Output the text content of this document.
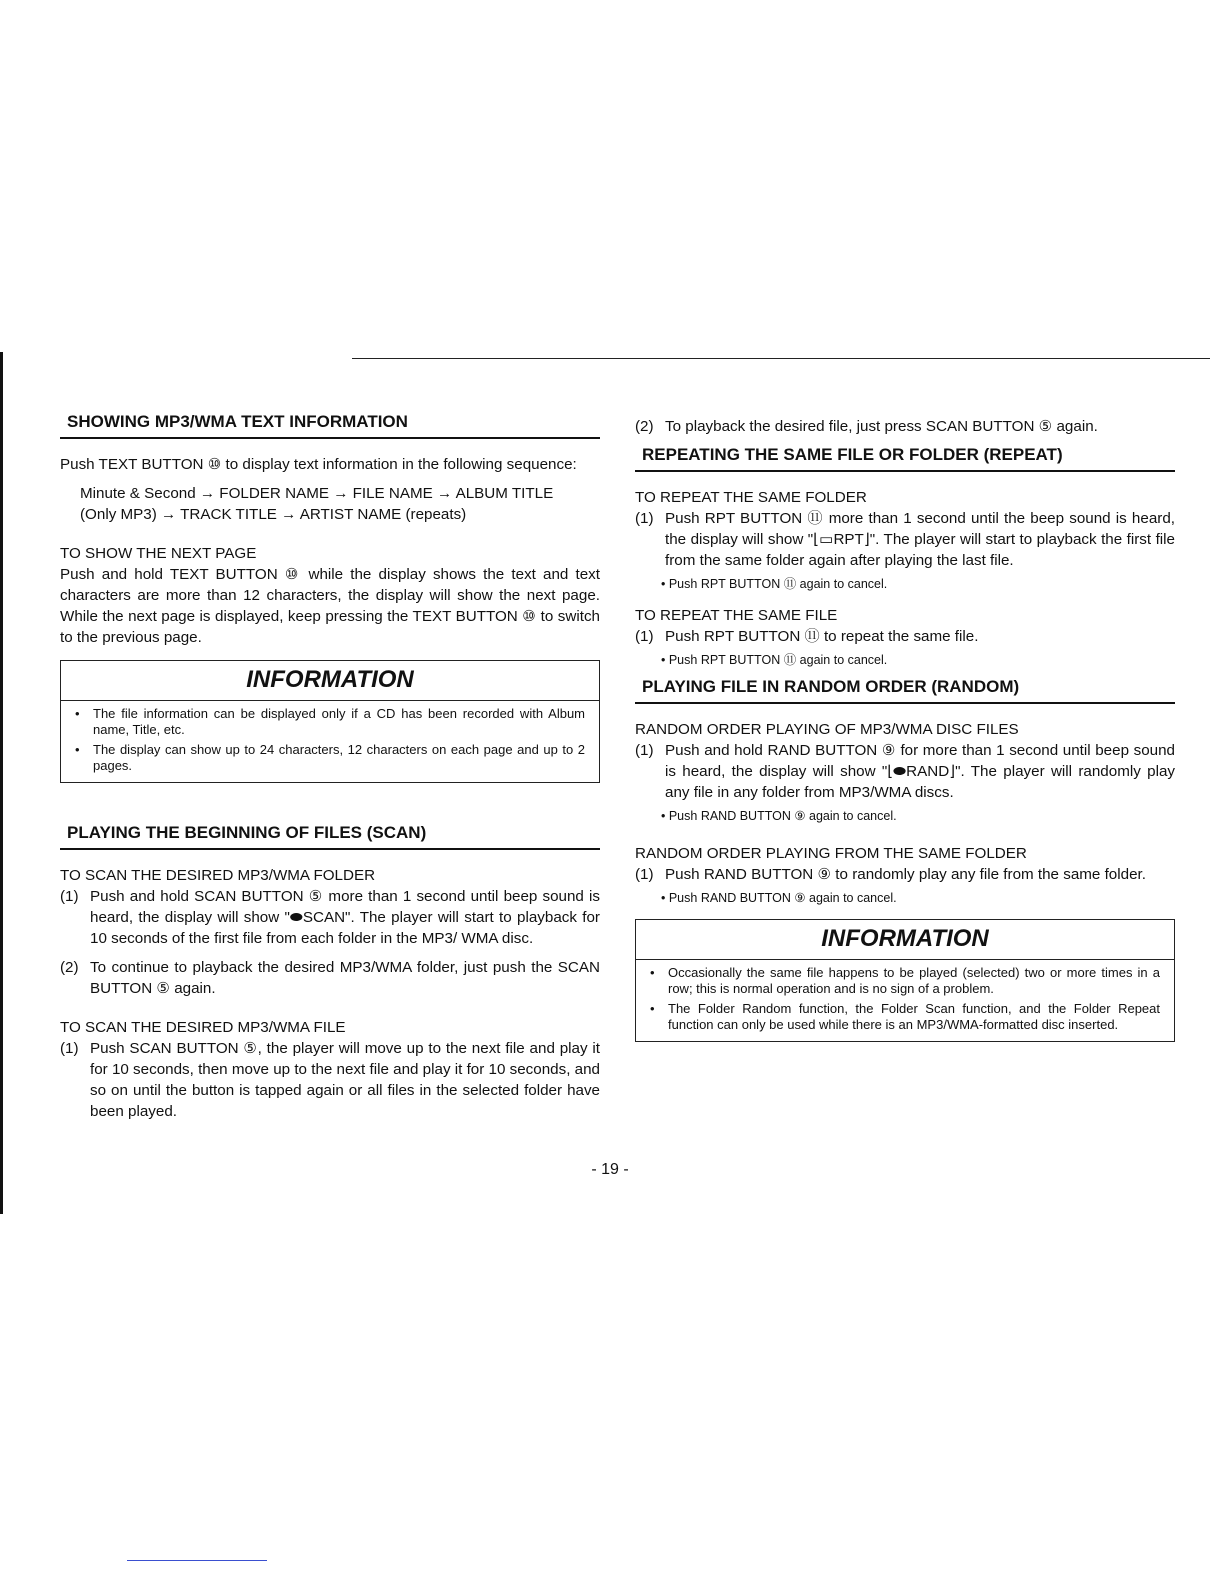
SHOWING MP3/WMA TEXT INFORMATION

Push TEXT BUTTON ⑩ to display text information in the following sequence:

Minute & Second → FOLDER NAME → FILE NAME → ALBUM TITLE

(Only MP3) → TRACK TITLE → ARTIST NAME (repeats)

TO SHOW THE NEXT PAGE

Push and hold TEXT BUTTON ⑩ while the display shows the text and text characters are more than 12 characters, the display will show the next page. While the next page is displayed, keep pressing the TEXT BUTTON ⑩ to switch to the previous page.

INFORMATION
• The file information can be displayed only if a CD has been recorded with Album name, Title, etc.
• The display can show up to 24 characters, 12 characters on each page and up to 2 pages.
PLAYING THE BEGINNING OF FILES (SCAN)

TO SCAN THE DESIRED MP3/WMA FOLDER

(1) Push and hold SCAN BUTTON ⑤ more than 1 second until beep sound is heard, the display will show "⬬SCAN". The player will start to playback for 10 seconds of the first file from each folder in the MP3/ WMA disc.
(2) To continue to playback the desired MP3/WMA folder, just push the SCAN BUTTON ⑤ again.

TO SCAN THE DESIRED MP3/WMA FILE

(1) Push SCAN BUTTON ⑤, the player will move up to the next file and play it for 10 seconds, then move up to the next file and play it for 10 seconds, and so on until the button is tapped again or all files in the selected folder have been played.
(2) To playback the desired file, just press SCAN BUTTON ⑤ again.
REPEATING THE SAME FILE OR FOLDER (REPEAT)

TO REPEAT THE SAME FOLDER

(1) Push RPT BUTTON ⑪ more than 1 second until the beep sound is heard, the display will show "⌊▭RPT⌋". The player will start to playback the first file from the same folder again after playing the last file.

• Push RPT BUTTON ⑪ again to cancel.

TO REPEAT THE SAME FILE

(1) Push RPT BUTTON ⑪ to repeat the same file.

• Push RPT BUTTON ⑪ again to cancel.

PLAYING FILE IN RANDOM ORDER (RANDOM)

RANDOM ORDER PLAYING OF MP3/WMA DISC FILES

(1) Push and hold RAND BUTTON ⑨ for more than 1 second until beep sound is heard, the display will show "⌊⬬RAND⌋". The player will randomly play any file in any folder from MP3/WMA discs.

• Push RAND BUTTON ⑨ again to cancel.

RANDOM ORDER PLAYING FROM THE SAME FOLDER

(1) Push RAND BUTTON ⑨ to randomly play any file from the same folder.

• Push RAND BUTTON ⑨ again to cancel.

INFORMATION
• Occasionally the same file happens to be played (selected) two or more times in a row; this is normal operation and is no sign of a problem.
• The Folder Random function, the Folder Scan function, and the Folder Repeat function can only be used while there is an MP3/WMA-formatted disc inserted.
- 19 -
